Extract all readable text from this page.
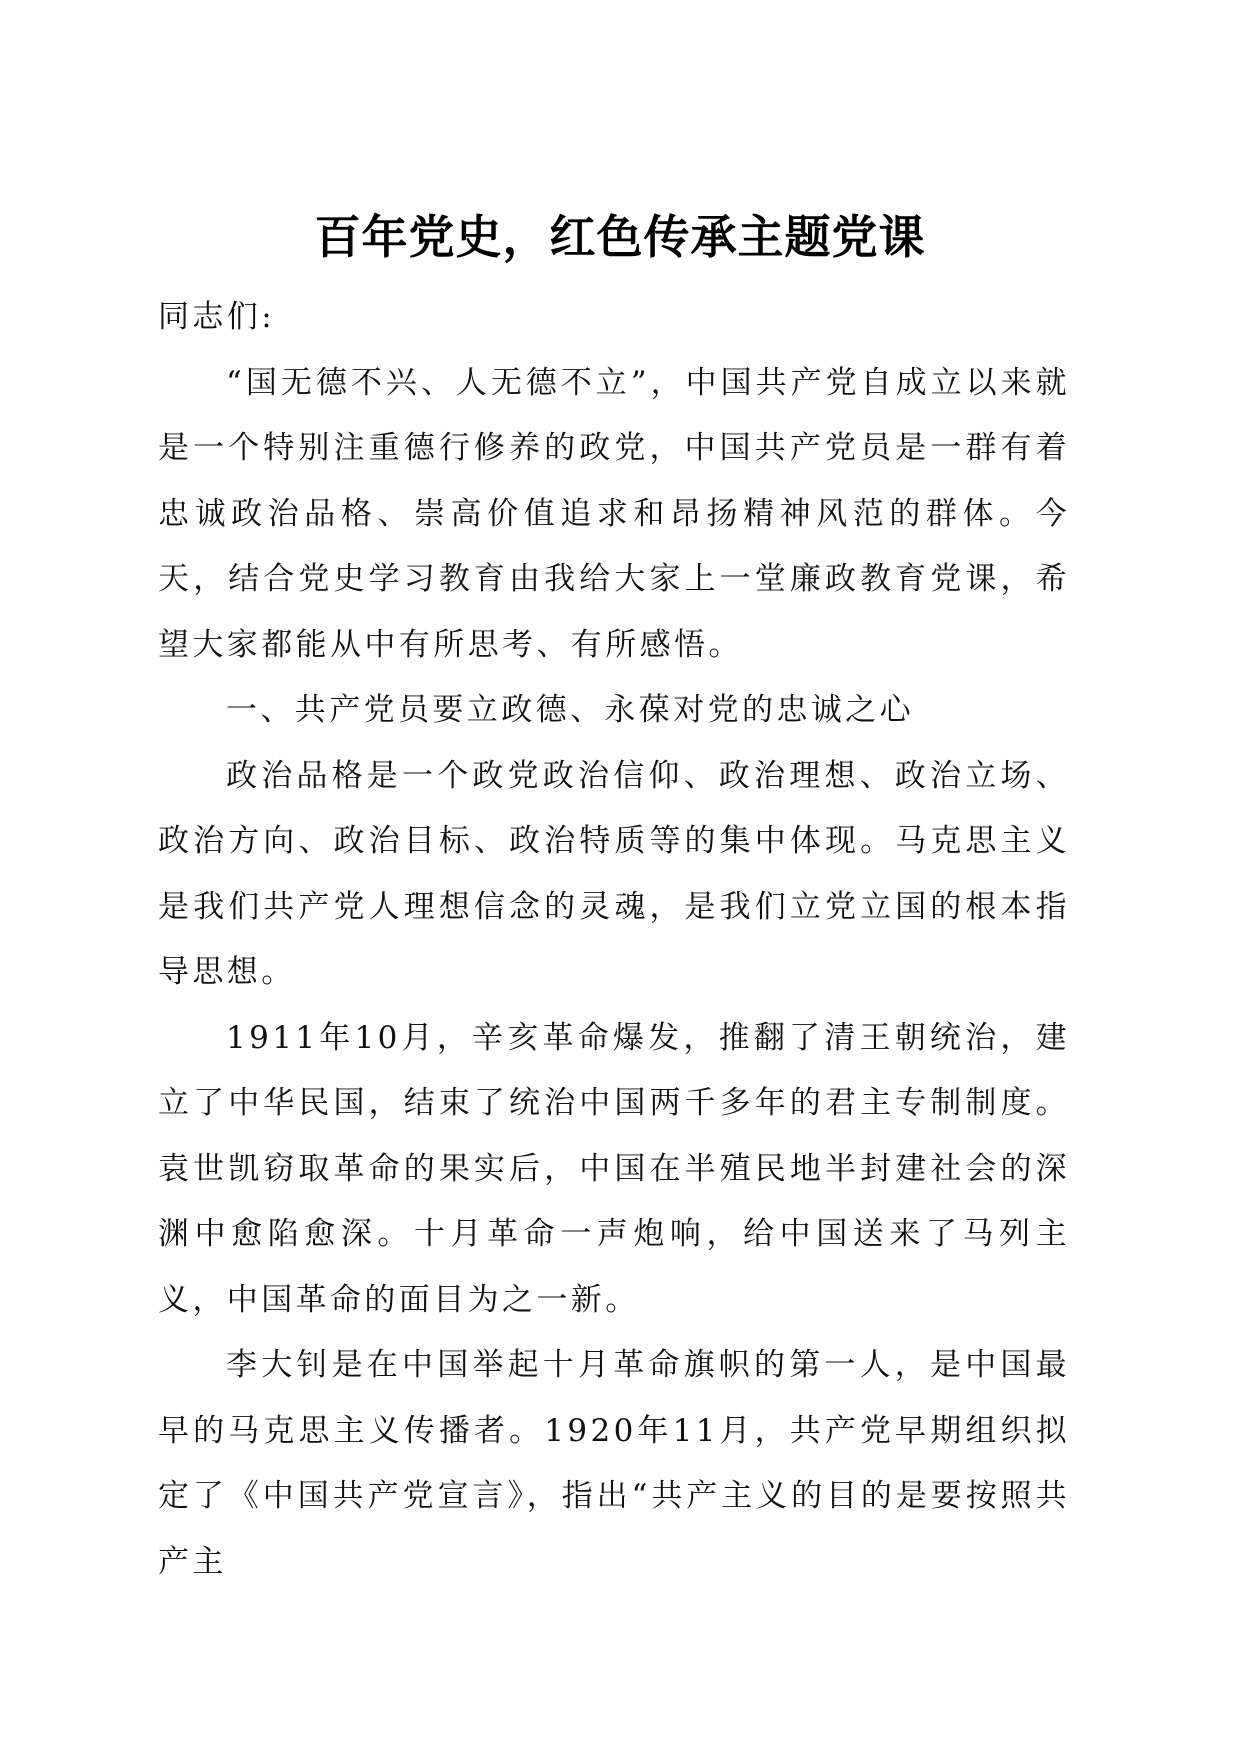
百年党史，红色传承主题党课

同志们:

“国无德不兴、人无德不立”，中国共产党自成立以来就是一个特别注重德行修养的政党，中国共产党员是一群有着忠诚政治品格、崇高价值追求和昂扬精神风范的群体。今天，结合党史学习教育由我给大家上一堂廉政教育党课，希望大家都能从中有所思考、有所感悟。

一、共产党员要立政德、永葆对党的忠诚之心

政治品格是一个政党政治信仰、政治理想、政治立场、政治方向、政治目标、政治特质等的集中体现。马克思主义是我们共产党人理想信念的灵魂，是我们立党立国的根本指导思想。

1911年10月，辛亥革命爆发，推翻了清王朝统治，建立了中华民国，结束了统治中国两千多年的君主专制制度。袁世凯窃取革命的果实后，中国在半殖民地半封建社会的深渊中愈陷愈深。十月革命一声炮响，给中国送来了马列主义，中国革命的面目为之一新。

李大钊是在中国举起十月革命旗帜的第一人，是中国最早的马克思主义传播者。1920年11月，共产党早期组织拟定了《中国共产党宣言》，指出“共产主义的目的是要按照共产主
